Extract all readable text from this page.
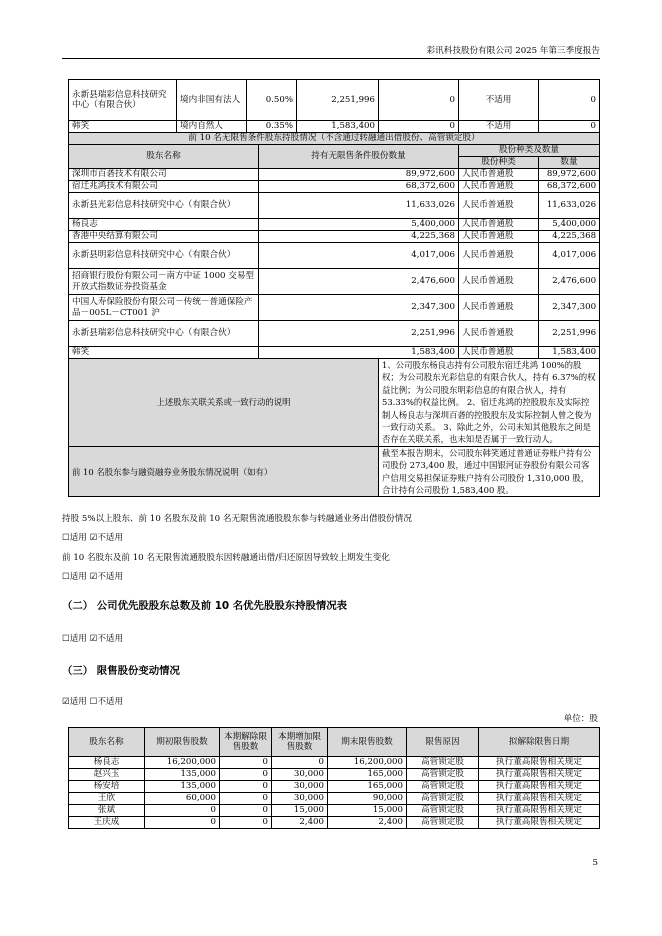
彩讯科技股份有限公司 2025 年第三季度报告
永新县瑞彩信息科技研究中心（有限合伙）	境内非国有法人	0.50%	2,251,996	0	不适用	0
韩笑	境内自然人	0.35%	1,583,400	0	不适用	0
前 10 名无限售条件股东持股情况（不含通过转融通出借股份、高管锁定股）				
股东名称	持有无限售条件股份数量		股份种类及数量	
			股份种类	数量
深圳市百砻技术有限公司	89,972,600		人民币普通股	89,972,600
宿迁兆鸿技术有限公司	68,372,600		人民币普通股	68,372,600
永新县光彩信息科技研究中心（有限合伙）	11,633,026		人民币普通股	11,633,026
杨良志	5,400,000		人民币普通股	5,400,000
香港中央结算有限公司	4,225,368		人民币普通股	4,225,368
永新县明彩信息科技研究中心（有限合伙）	4,017,006		人民币普通股	4,017,006
招商银行股份有限公司－南方中证 1000 交易型开放式指数证券投资基金	2,476,600		人民币普通股	2,476,600
中国人寿保险股份有限公司－传统－普通保险产品－005L－CT001 沪	2,347,300		人民币普通股	2,347,300
永新县瑞彩信息科技研究中心（有限合伙）	2,251,996		人民币普通股	2,251,996
韩笑	1,583,400		人民币普通股	1,583,400
上述股东关联关系或一致行动的说明		1、公司股东杨良志持有公司股东宿迁兆鸿 100%的股权；为公司股东光彩信息的有限合伙人，持有 6.37%的权益比例；为公司股东明彩信息的有限合伙人，持有 53.33%的权益比例。 2、宿迁兆鸿的控股股东及实际控制人杨良志与深圳百砻的控股股东及实际控制人曾之俊为一致行动关系。 3、除此之外，公司未知其他股东之间是否存在关联关系，也未知是否属于一致行动人。		
前 10 名股东参与融资融券业务股东情况说明（如有）		截至本报告期末，公司股东韩笑通过普通证券账户持有公司股份 273,400 股，通过中国银河证券股份有限公司客户信用交易担保证券账户持有公司股份 1,310,000 股，合计持有公司股份 1,583,400 股。		
持股 5%以上股东、前 10 名股东及前 10 名无限售流通股股东参与转融通业务出借股份情况
☐适用 ☑不适用
前 10 名股东及前 10 名无限售流通股股东因转融通出借/归还原因导致较上期发生变化
☐适用 ☑不适用
（二） 公司优先股股东总数及前 10 名优先股股东持股情况表
☐适用 ☑不适用
（三） 限售股份变动情况
☑适用 ☐不适用
单位：股
股东名称	期初限售股数	本期解除限售股数	本期增加限售股数	期末限售股数	限售原因	拟解除限售日期
杨良志	16,200,000	0	0	16,200,000	高管锁定股	执行董高限售相关规定
赵兴玉	135,000	0	30,000	165,000	高管锁定股	执行董高限售相关规定
杨安培	135,000	0	30,000	165,000	高管锁定股	执行董高限售相关规定
王欣	60,000	0	30,000	90,000	高管锁定股	执行董高限售相关规定
张斌	0	0	15,000	15,000	高管锁定股	执行董高限售相关规定
王庆成	0	0	2,400	2,400	高管锁定股	执行董高限售相关规定
5
